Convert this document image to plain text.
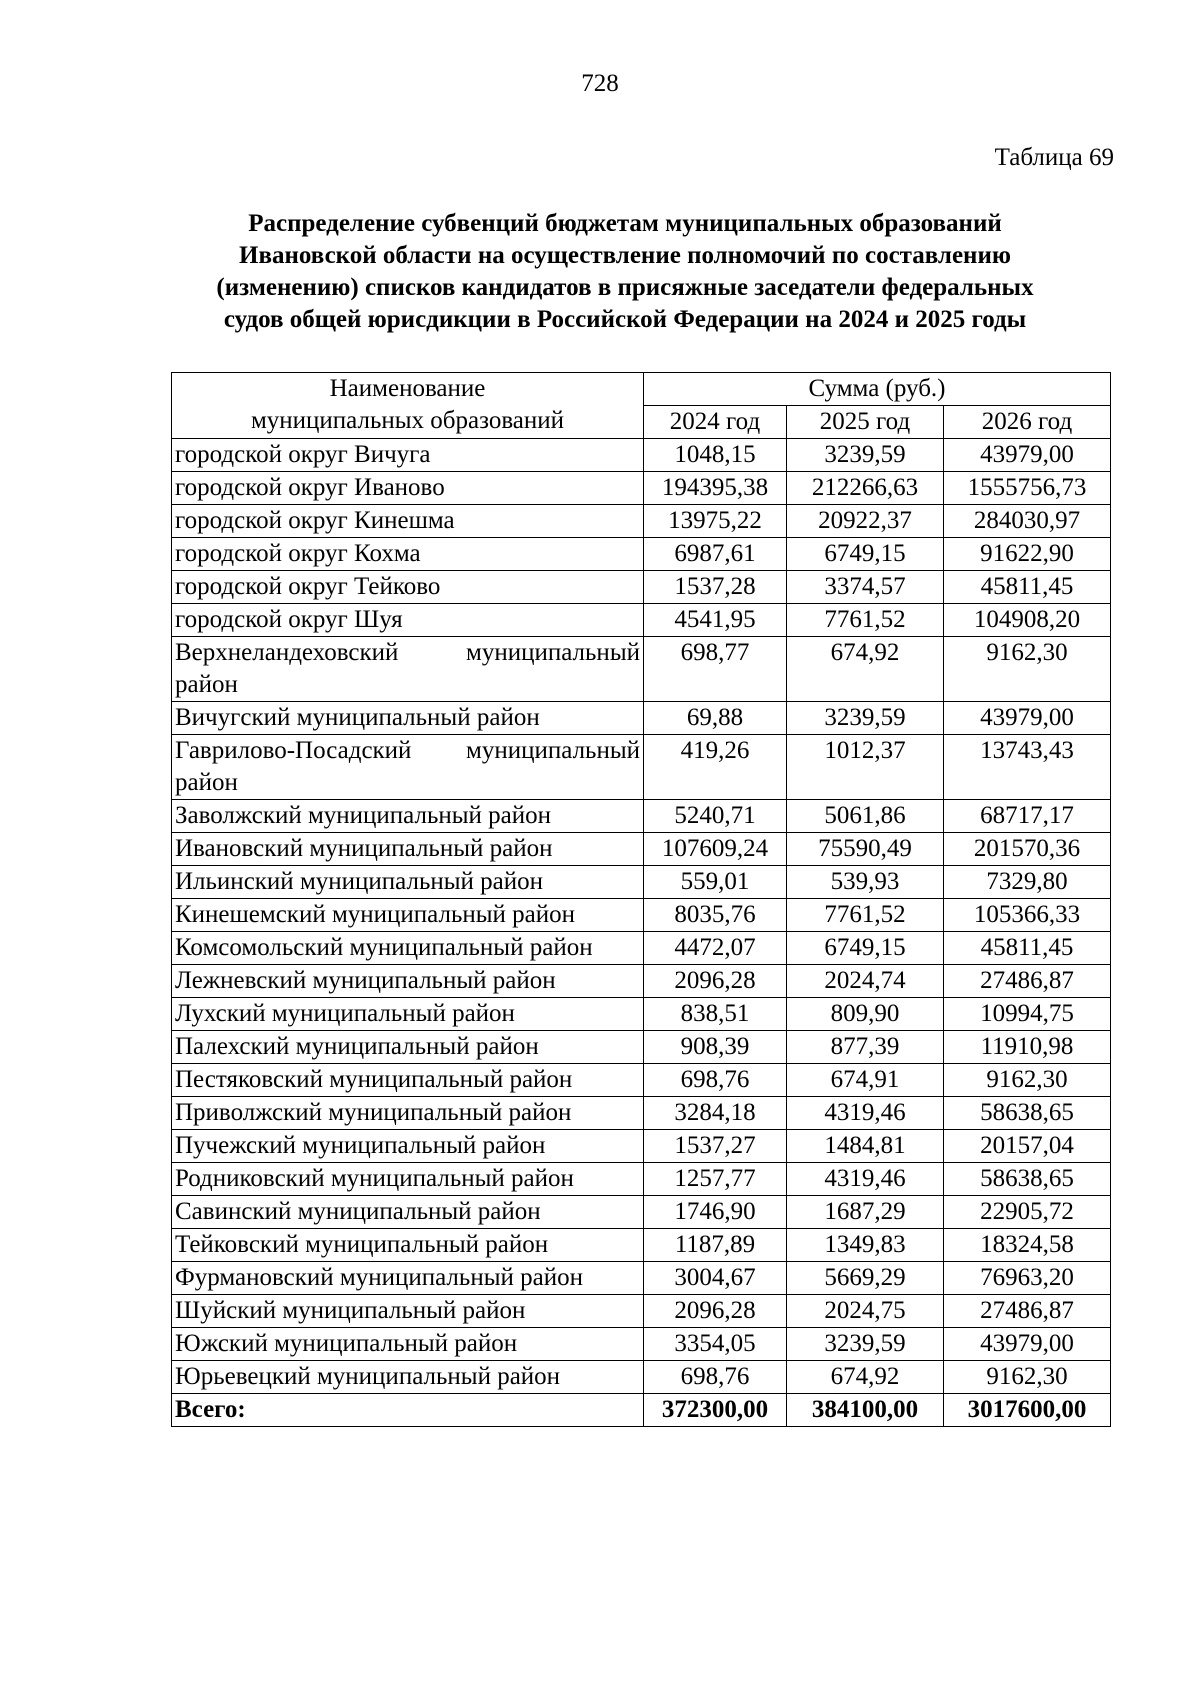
728
Таблица 69
Распределение субвенций бюджетам муниципальных образований
Ивановской области на осуществление полномочий по составлению
(изменению) списков кандидатов в присяжные заседатели федеральных
судов общей юрисдикции в Российской Федерации на 2024 и 2025 годы
Наименование
муниципальных образований	Сумма (руб.)		
	2024 год	2025 год	2026 год
городской округ Вичуга	1048,15	3239,59	43979,00
городской округ Иваново	194395,38	212266,63	1555756,73
городской округ Кинешма	13975,22	20922,37	284030,97
городской округ Кохма	6987,61	6749,15	91622,90
городской округ Тейково	1537,28	3374,57	45811,45
городской округ Шуя	4541,95	7761,52	104908,20
Верхнеландеховский муниципальный район	698,77	674,92	9162,30
Вичугский муниципальный район	69,88	3239,59	43979,00
Гаврилово-Посадский муниципальный район	419,26	1012,37	13743,43
Заволжский муниципальный район	5240,71	5061,86	68717,17
Ивановский муниципальный район	107609,24	75590,49	201570,36
Ильинский муниципальный район	559,01	539,93	7329,80
Кинешемский муниципальный район	8035,76	7761,52	105366,33
Комсомольский муниципальный район	4472,07	6749,15	45811,45
Лежневский муниципальный район	2096,28	2024,74	27486,87
Лухский муниципальный район	838,51	809,90	10994,75
Палехский муниципальный район	908,39	877,39	11910,98
Пестяковский муниципальный район	698,76	674,91	9162,30
Приволжский муниципальный район	3284,18	4319,46	58638,65
Пучежский муниципальный район	1537,27	1484,81	20157,04
Родниковский муниципальный район	1257,77	4319,46	58638,65
Савинский муниципальный район	1746,90	1687,29	22905,72
Тейковский муниципальный район	1187,89	1349,83	18324,58
Фурмановский муниципальный район	3004,67	5669,29	76963,20
Шуйский муниципальный район	2096,28	2024,75	27486,87
Южский муниципальный район	3354,05	3239,59	43979,00
Юрьевецкий муниципальный район	698,76	674,92	9162,30
Всего:	372300,00	384100,00	3017600,00
